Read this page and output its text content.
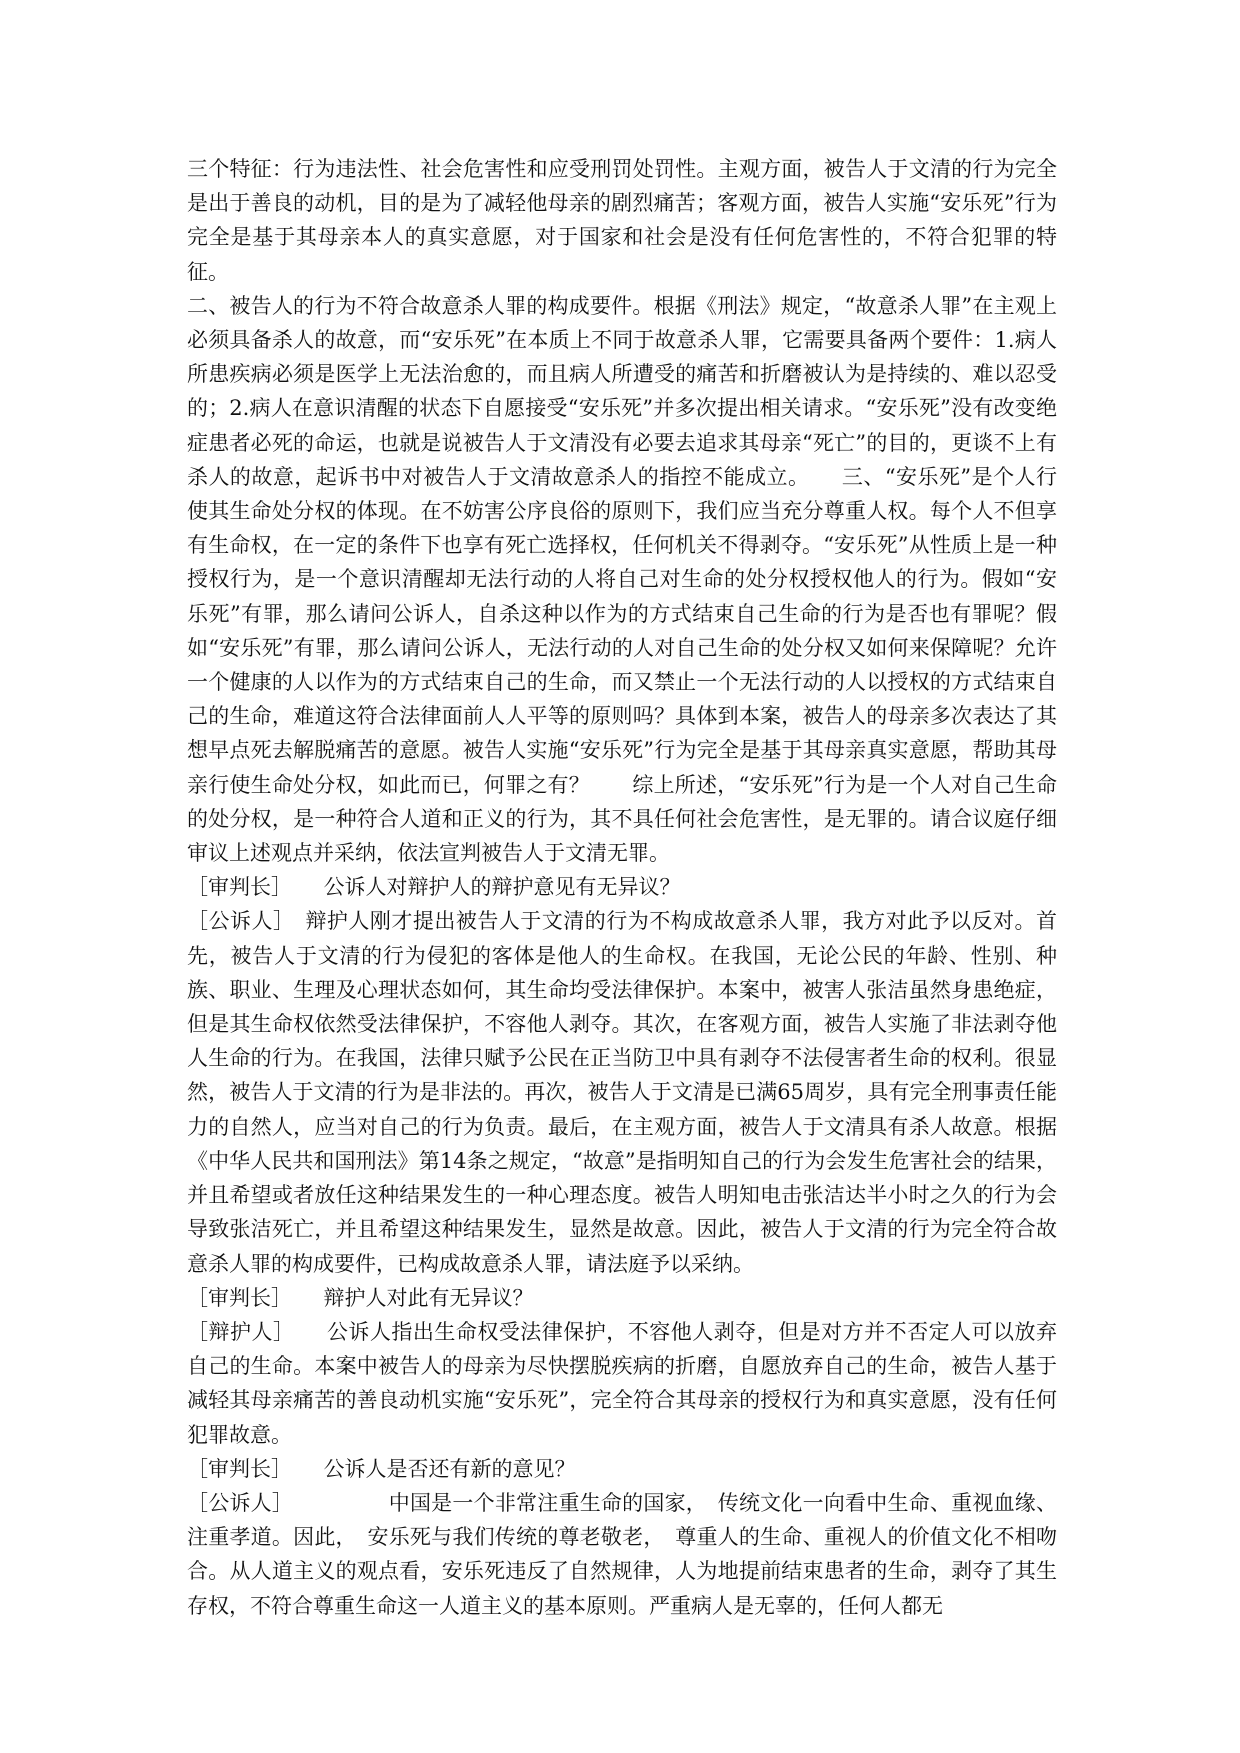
三个特征：行为违法性、社会危害性和应受刑罚处罚性。主观方面，被告人于文清的行为完全是出于善良的动机，目的是为了减轻他母亲的剧烈痛苦；客观方面，被告人实施“安乐死”行为完全是基于其母亲本人的真实意愿，对于国家和社会是没有任何危害性的，不符合犯罪的特征。

二、被告人的行为不符合故意杀人罪的构成要件。根据《刑法》规定，“故意杀人罪”在主观上必须具备杀人的故意，而“安乐死”在本质上不同于故意杀人罪，它需要具备两个要件：1.病人所患疾病必须是医学上无法治愈的，而且病人所遭受的痛苦和折磨被认为是持续的、难以忍受的；2.病人在意识清醒的状态下自愿接受“安乐死”并多次提出相关请求。“安乐死”没有改变绝症患者必死的命运，也就是说被告人于文清没有必要去追求其母亲“死亡”的目的，更谈不上有杀人的故意，起诉书中对被告人于文清故意杀人的指控不能成立。　　三、“安乐死”是个人行使其生命处分权的体现。在不妨害公序良俗的原则下，我们应当充分尊重人权。每个人不但享有生命权，在一定的条件下也享有死亡选择权，任何机关不得剥夺。“安乐死”从性质上是一种授权行为，是一个意识清醒却无法行动的人将自己对生命的处分权授权他人的行为。假如“安乐死”有罪，那么请问公诉人，自杀这种以作为的方式结束自己生命的行为是否也有罪呢？假如“安乐死”有罪，那么请问公诉人，无法行动的人对自己生命的处分权又如何来保障呢？允许一个健康的人以作为的方式结束自己的生命，而又禁止一个无法行动的人以授权的方式结束自己的生命，难道这符合法律面前人人平等的原则吗？具体到本案，被告人的母亲多次表达了其想早点死去解脱痛苦的意愿。被告人实施“安乐死”行为完全是基于其母亲真实意愿，帮助其母亲行使生命处分权，如此而已，何罪之有？　　综上所述，“安乐死”行为是一个人对自己生命的处分权，是一种符合人道和正义的行为，其不具任何社会危害性，是无罪的。请合议庭仔细审议上述观点并采纳，依法宣判被告人于文清无罪。

［审判长］　　 公诉人对辩护人的辩护意见有无异议？

［公诉人］　 辩护人刚才提出被告人于文清的行为不构成故意杀人罪，我方对此予以反对。首先，被告人于文清的行为侵犯的客体是他人的生命权。在我国，无论公民的年龄、性别、种族、职业、生理及心理状态如何，其生命均受法律保护。本案中，被害人张洁虽然身患绝症，但是其生命权依然受法律保护，不容他人剥夺。其次，在客观方面，被告人实施了非法剥夺他人生命的行为。在我国，法律只赋予公民在正当防卫中具有剥夺不法侵害者生命的权利。很显然，被告人于文清的行为是非法的。再次，被告人于文清是已满65周岁，具有完全刑事责任能力的自然人，应当对自己的行为负责。最后，在主观方面，被告人于文清具有杀人故意。根据《中华人民共和国刑法》第14条之规定，“故意”是指明知自己的行为会发生危害社会的结果，并且希望或者放任这种结果发生的一种心理态度。被告人明知电击张洁达半小时之久的行为会导致张洁死亡，并且希望这种结果发生，显然是故意。因此，被告人于文清的行为完全符合故意杀人罪的构成要件，已构成故意杀人罪，请法庭予以采纳。

［审判长］　　 辩护人对此有无异议？

［辩护人］　　 公诉人指出生命权受法律保护，不容他人剥夺，但是对方并不否定人可以放弃自己的生命。本案中被告人的母亲为尽快摆脱疾病的折磨，自愿放弃自己的生命，被告人基于减轻其母亲痛苦的善良动机实施“安乐死”，完全符合其母亲的授权行为和真实意愿，没有任何犯罪故意。

［审判长］　　 公诉人是否还有新的意见？

［公诉人］　　　　　	中国是一个非常注重生命的国家，　传统文化一向看中生命、重视血缘、注重孝道。因此，　安乐死与我们传统的尊老敬老，　尊重人的生命、重视人的价值文化不相吻合。从人道主义的观点看，安乐死违反了自然规律，人为地提前结束患者的生命，剥夺了其生存权，不符合尊重生命这一人道主义的基本原则。严重病人是无辜的，任何人都无
